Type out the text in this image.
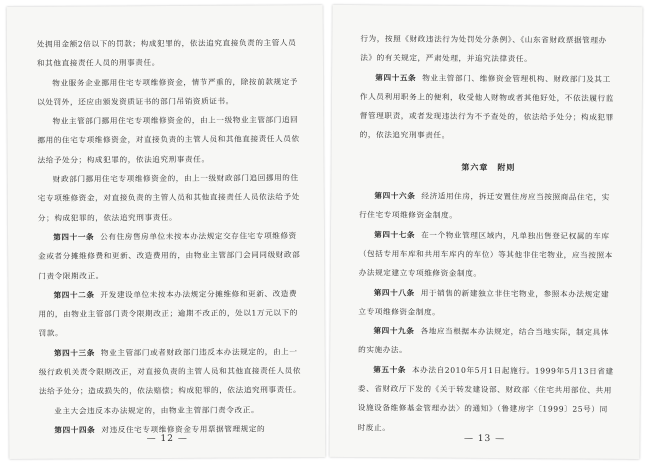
处拥用金额2倍以下的罚款；构成犯罪的，依法追究直接负责的主管人员和其他直接责任人员的刑事责任。

物业服务企业挪用住宅专项维修资金，情节严重的，除按前款规定予以处罚外，还应由颁发资质证书的部门吊销资质证书。

物业主管部门挪用住宅专项维修资金的，由上一级物业主管部门追回挪用的住宅专项维修资金，对直接负责的主管人员和其他直接责任人员依法给予处分；构成犯罪的，依法追究刑事责任。

财政部门挪用住宅专项维修资金的，由上一级财政部门追回挪用的住宅专项维修资金，对直接负责的主管人员和其他直接责任人员依法给予处分；构成犯罪的，依法追究刑事责任。

第四十一条 公有住房售房单位未按本办法规定交存住宅专项维修资金或者分摊维修费和更新、改造费用的，由物业主管部门会同同级财政部门责令限期改正。

第四十二条 开发建设单位未按本办法规定分摊维修和更新、改造费用的，由物业主管部门责令限期改正；逾期不改正的，处以1万元以下的罚款。

第四十三条 物业主管部门或者财政部门违反本办法规定的，由上一级行政机关责令限期改正，对直接负责的主管人员和其他直接责任人员依法给予处分；造成损失的，依法赔偿；构成犯罪的，依法追究刑事责任。

业主大会违反本办法规定的，由物业主管部门责令改正。

第四十四条 对违反住宅专项维修资金专用票据管理规定的

— 12 —

行为，按照《财政违法行为处罚处分条例》、《山东省财政票据管理办法》的有关规定，严肃处理，并追究法律责任。

第四十五条 物业主管部门、维修资金管理机构、财政部门及其工作人员利用职务上的便利，收受他人财物或者其他好处，不依法履行监督管理职责，或者发现违法行为不予查处的，依法给予处分；构成犯罪的，依法追究刑事责任。

第六章　附则

第四十六条 经济适用住房，拆迁安置住房应当按照商品住宅，实行住宅专项维修资金制度。

第四十七条 在一个物业管理区域内，凡单独出售登记权属的车库（包括专用车库和共用车库内的车位）等其他非住宅物业，应当按照本办法规定建立专项维修资金制度。

第四十八条 用于销售的新建独立非住宅物业，参照本办法规定建立专项维修资金制度。

第四十九条 各地应当根据本办法规定，结合当地实际，制定具体的实施办法。

第五十条 本办法自2010年5月1日起施行。1999年5月13日省建委、省财政厅下发的《关于转发建设部、财政部〈住宅共用部位、共用设施设备维修基金管理办法〉的通知》（鲁建房字〔1999〕25号）同时废止。

— 13 —
